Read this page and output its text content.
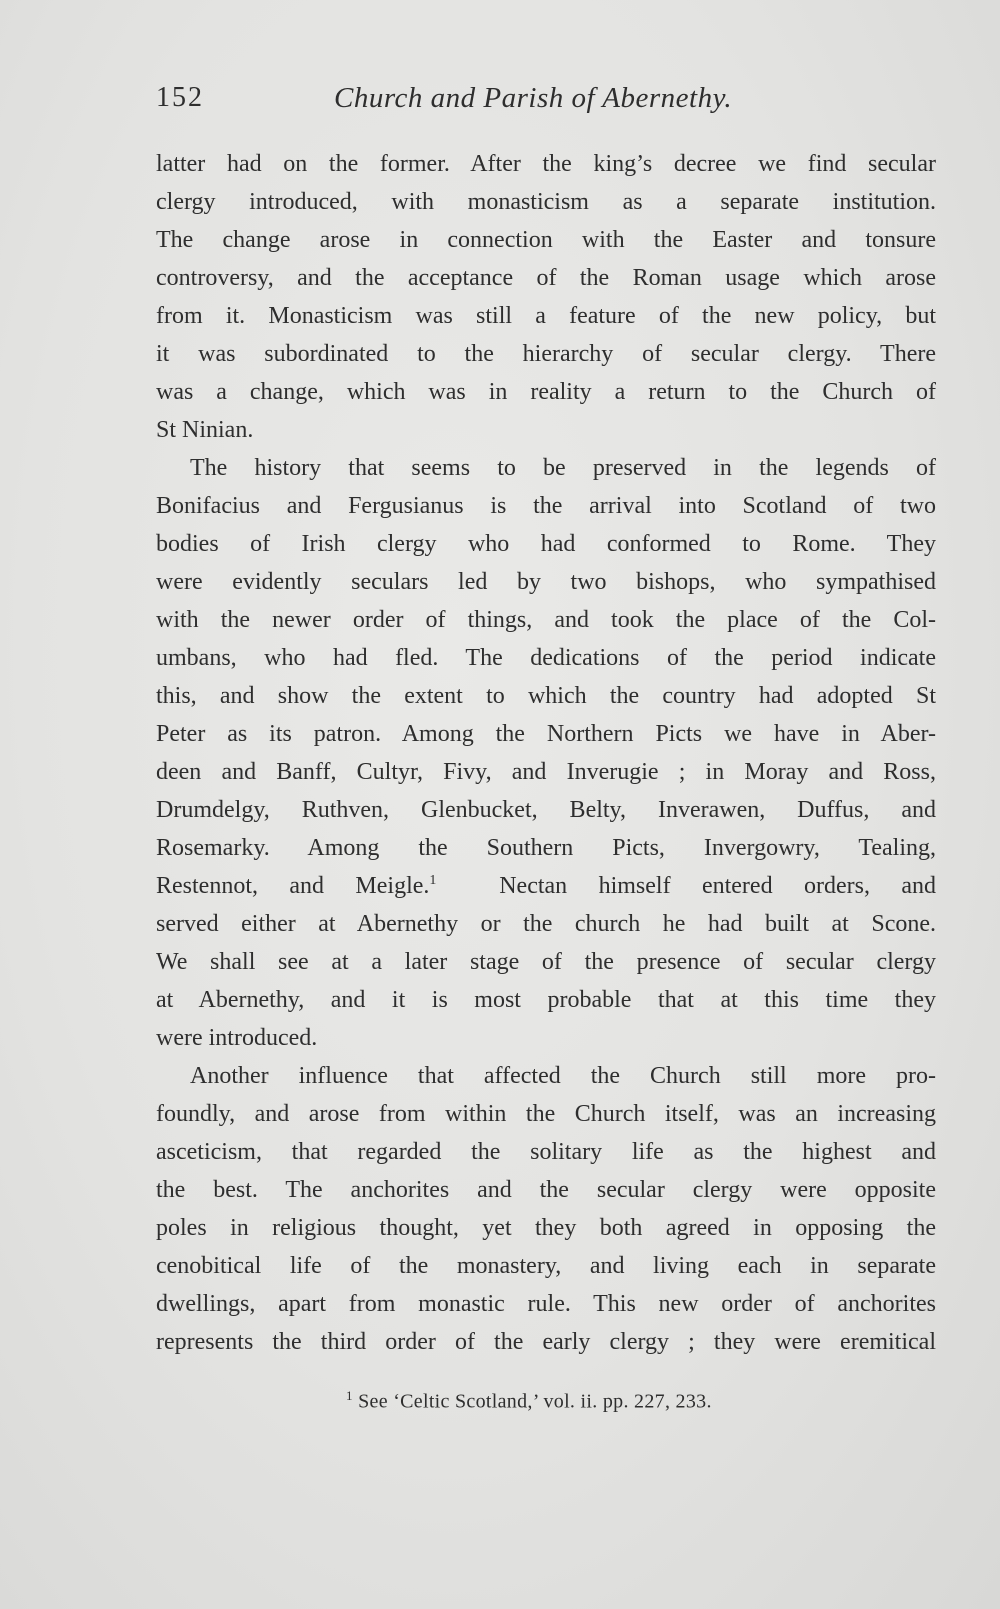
152	Church and Parish of Abernethy.
latter had on the former. After the king’s decree we find secular
clergy introduced, with monasticism as a separate institution.
The change arose in connection with the Easter and tonsure
controversy, and the acceptance of the Roman usage which arose
from it. Monasticism was still a feature of the new policy, but
it was subordinated to the hierarchy of secular clergy. There
was a change, which was in reality a return to the Church of
St Ninian.
The history that seems to be preserved in the legends of
Bonifacius and Fergusianus is the arrival into Scotland of two
bodies of Irish clergy who had conformed to Rome. They
were evidently seculars led by two bishops, who sympathised
with the newer order of things, and took the place of the Col-
umbans, who had fled. The dedications of the period indicate
this, and show the extent to which the country had adopted St
Peter as its patron. Among the Northern Picts we have in Aber-
deen and Banff, Cultyr, Fivy, and Inverugie ; in Moray and Ross,
Drumdelgy, Ruthven, Glenbucket, Belty, Inverawen, Duffus, and
Rosemarky. Among the Southern Picts, Invergowry, Tealing,
Restennot, and Meigle.$^1$  Nectan himself entered orders, and
served either at Abernethy or the church he had built at Scone.
We shall see at a later stage of the presence of secular clergy
at Abernethy, and it is most probable that at this time they
were introduced.
Another influence that affected the Church still more pro-
foundly, and arose from within the Church itself, was an increasing
asceticism, that regarded the solitary life as the highest and
the best. The anchorites and the secular clergy were opposite
poles in religious thought, yet they both agreed in opposing the
cenobitical life of the monastery, and living each in separate
dwellings, apart from monastic rule. This new order of anchorites
represents the third order of the early clergy ; they were eremitical
$^1$ See ‘Celtic Scotland,’ vol. ii. pp. 227, 233.
